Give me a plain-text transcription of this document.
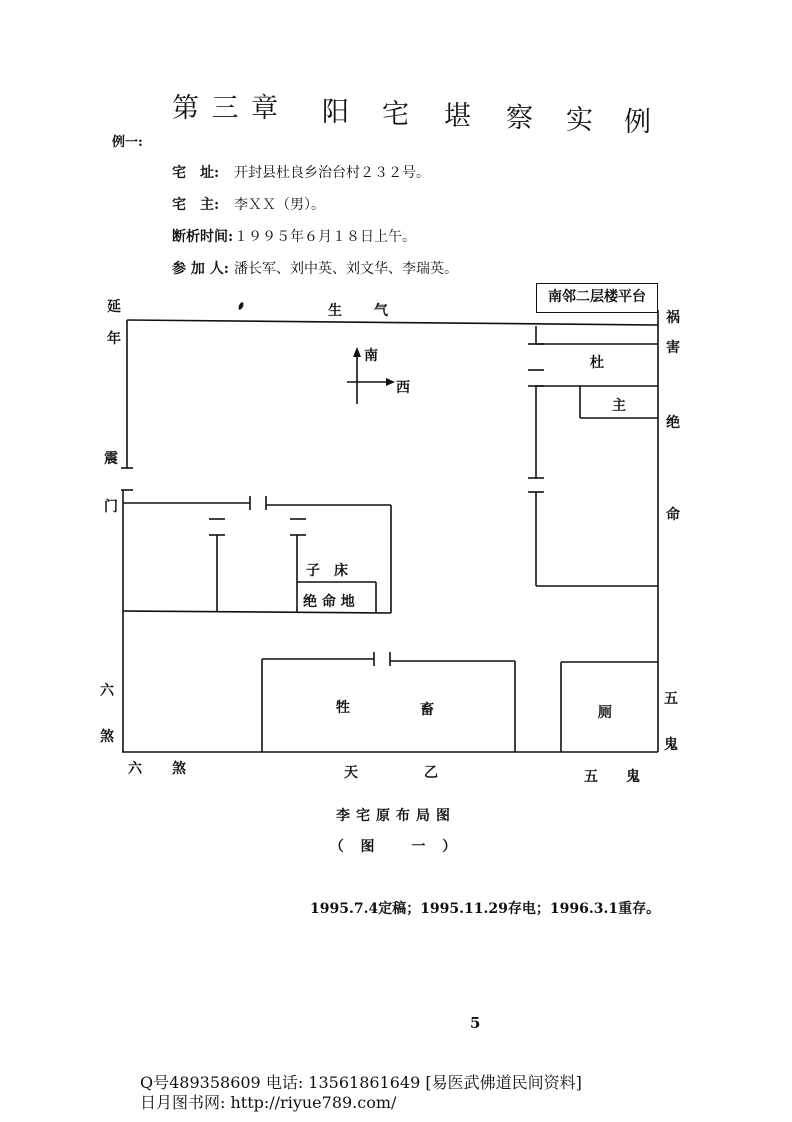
第 三 章 阳 宅 堪 察 实 例
例一:
宅　址: 开封县杜良乡治台村２３２号。
宅　主: 李ＸＸ（男）。
断析时间:１９９５年６月１８日上午。
参 加 人: 潘长军、刘中英、刘文华、李瑞英。
南邻二层楼平台
生 气
延
年
震
门
六
煞
祸
害
绝
命
五
鬼
六 煞	天	乙	五 鬼
南
西
杜
主
子　床
绝 命 地
牲	畜	厕
李宅原布局图
（ 图　 一 ）
1995.7.4定稿；1995.11.29存电；1996.3.1重存。
5
Q号489358609 电话: 13561861649 [易医武佛道民间资料]
日月图书网: http://riyue789.com/
